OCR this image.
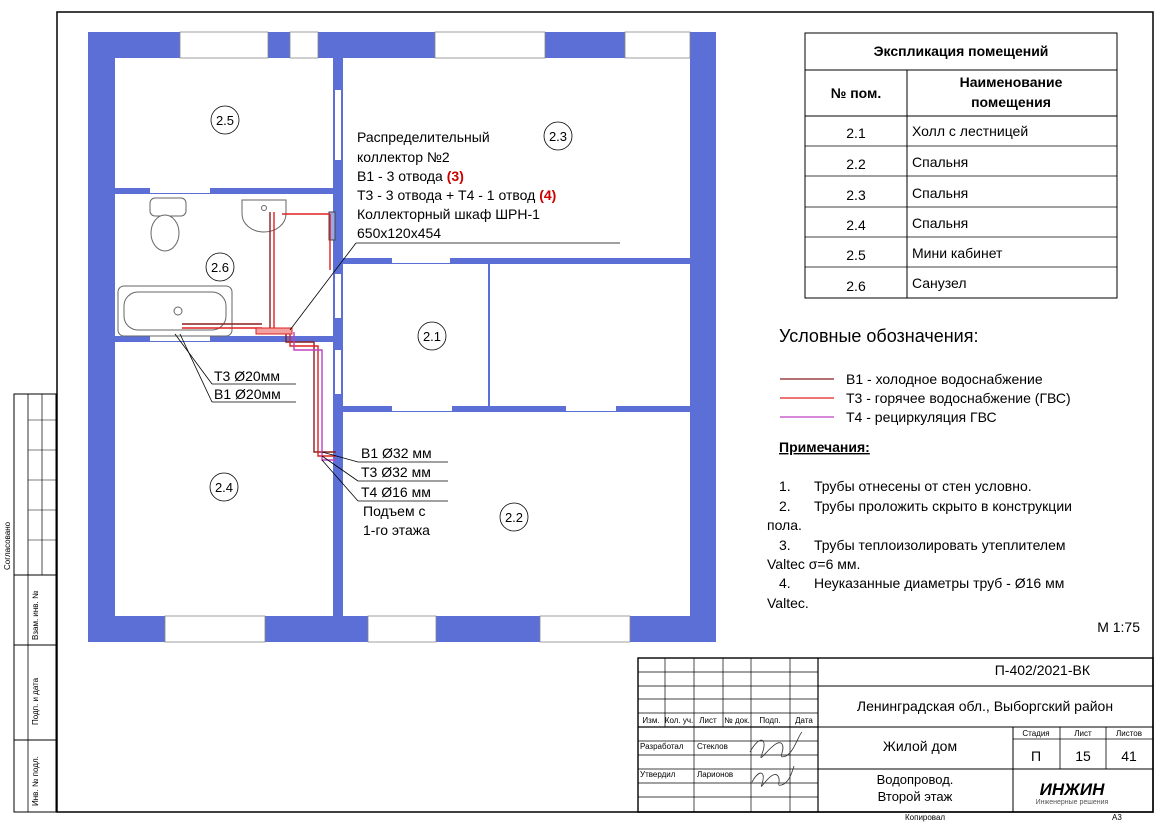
2.5
2.3
2.6
2.1
2.4
2.2
Распределительный
коллектор №2
В1 - 3 отвода (3)
Т3 - 3 отвода + Т4 - 1 отвод (4)
Коллекторный шкаф ШРН-1
650х120х454
Т3 Ø20мм
В1 Ø20мм
В1 Ø32 мм
Т3 Ø32 мм
Т4 Ø16 мм
Подъем с
1-го этажа
Экспликация помещений
№ пом.
Наименование
помещения
2.1	Холл с лестницей
2.2	Спальня
2.3	Спальня
2.4	Спальня
2.5	Мини кабинет
2.6	Санузел
Условные обозначения:
В1 - холодное водоснабжение
Т3 - горячее водоснабжение (ГВС)
Т4 - рециркуляция ГВС
Примечания:
1. Трубы отнесены от стен условно.
2. Трубы проложить скрыто в конструкции
пола.
3. Трубы теплоизолировать утеплителем
Valtec σ=6 мм.
4. Неуказанные диаметры труб - Ø16 мм
Valtec.
М 1:75
Изм. Кол. уч. Лист № док. Подп. Дата
Разработал Стеклов
Утвердил	Ларионов
П-402/2021-ВК
Ленинградская обл., Выборгский район
Жилой дом
Водопровод.
Второй этаж
Стадия	Лист	Листов
П 15 41
ИНЖИН
Инженерные решения
Копировал	А3
Согласовано
Взам. инв. №
Подп. и дата
Инв. № подл.
